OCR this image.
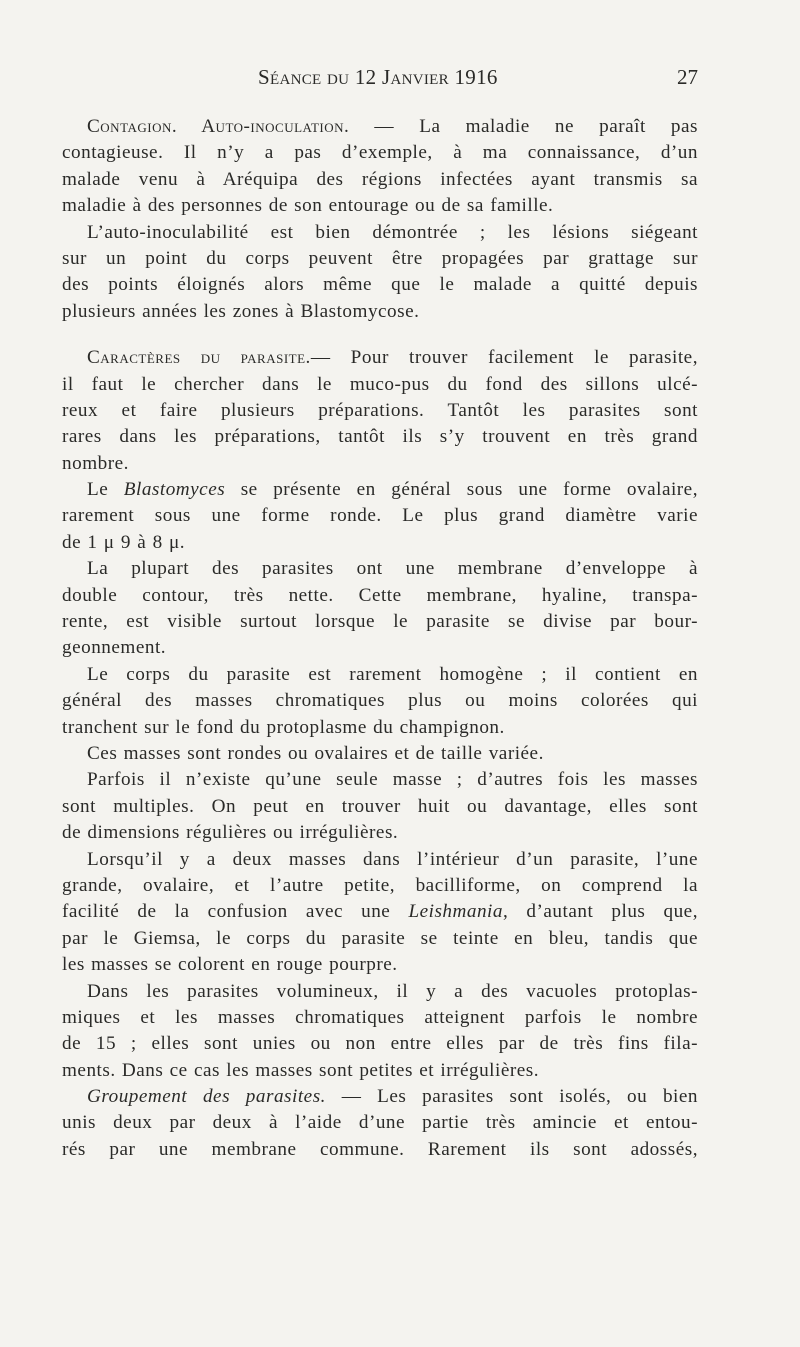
Séance du 12 Janvier 1916	27
Contagion. Auto-inoculation. — La maladie ne paraît pas
contagieuse. Il n’y a pas d’exemple, à ma connaissance, d’un
malade venu à Aréquipa des régions infectées ayant transmis sa
maladie à des personnes de son entourage ou de sa famille.
L’auto-inoculabilité est bien démontrée ; les lésions siégeant
sur un point du corps peuvent être propagées par grattage sur
des points éloignés alors même que le malade a quitté depuis
plusieurs années les zones à Blastomycose.
Caractères du parasite.— Pour trouver facilement le parasite,
il faut le chercher dans le muco-pus du fond des sillons ulcé-
reux et faire plusieurs préparations. Tantôt les parasites sont
rares dans les préparations, tantôt ils s’y trouvent en très grand
nombre.
Le Blastomyces se présente en général sous une forme ovalaire,
rarement sous une forme ronde. Le plus grand diamètre varie
de 1 μ 9 à 8 μ.
La plupart des parasites ont une membrane d’enveloppe à
double contour, très nette. Cette membrane, hyaline, transpa-
rente, est visible surtout lorsque le parasite se divise par bour-
geonnement.
Le corps du parasite est rarement homogène ; il contient en
général des masses chromatiques plus ou moins colorées qui
tranchent sur le fond du protoplasme du champignon.
Ces masses sont rondes ou ovalaires et de taille variée.
Parfois il n’existe qu’une seule masse ; d’autres fois les masses
sont multiples. On peut en trouver huit ou davantage, elles sont
de dimensions régulières ou irrégulières.
Lorsqu’il y a deux masses dans l’intérieur d’un parasite, l’une
grande, ovalaire, et l’autre petite, bacilliforme, on comprend la
facilité de la confusion avec une Leishmania, d’autant plus que,
par le Giemsa, le corps du parasite se teinte en bleu, tandis que
les masses se colorent en rouge pourpre.
Dans les parasites volumineux, il y a des vacuoles protoplas-
miques et les masses chromatiques atteignent parfois le nombre
de 15 ; elles sont unies ou non entre elles par de très fins fila-
ments. Dans ce cas les masses sont petites et irrégulières.
Groupement des parasites. — Les parasites sont isolés, ou bien
unis deux par deux à l’aide d’une partie très amincie et entou-
rés par une membrane commune. Rarement ils sont adossés,
